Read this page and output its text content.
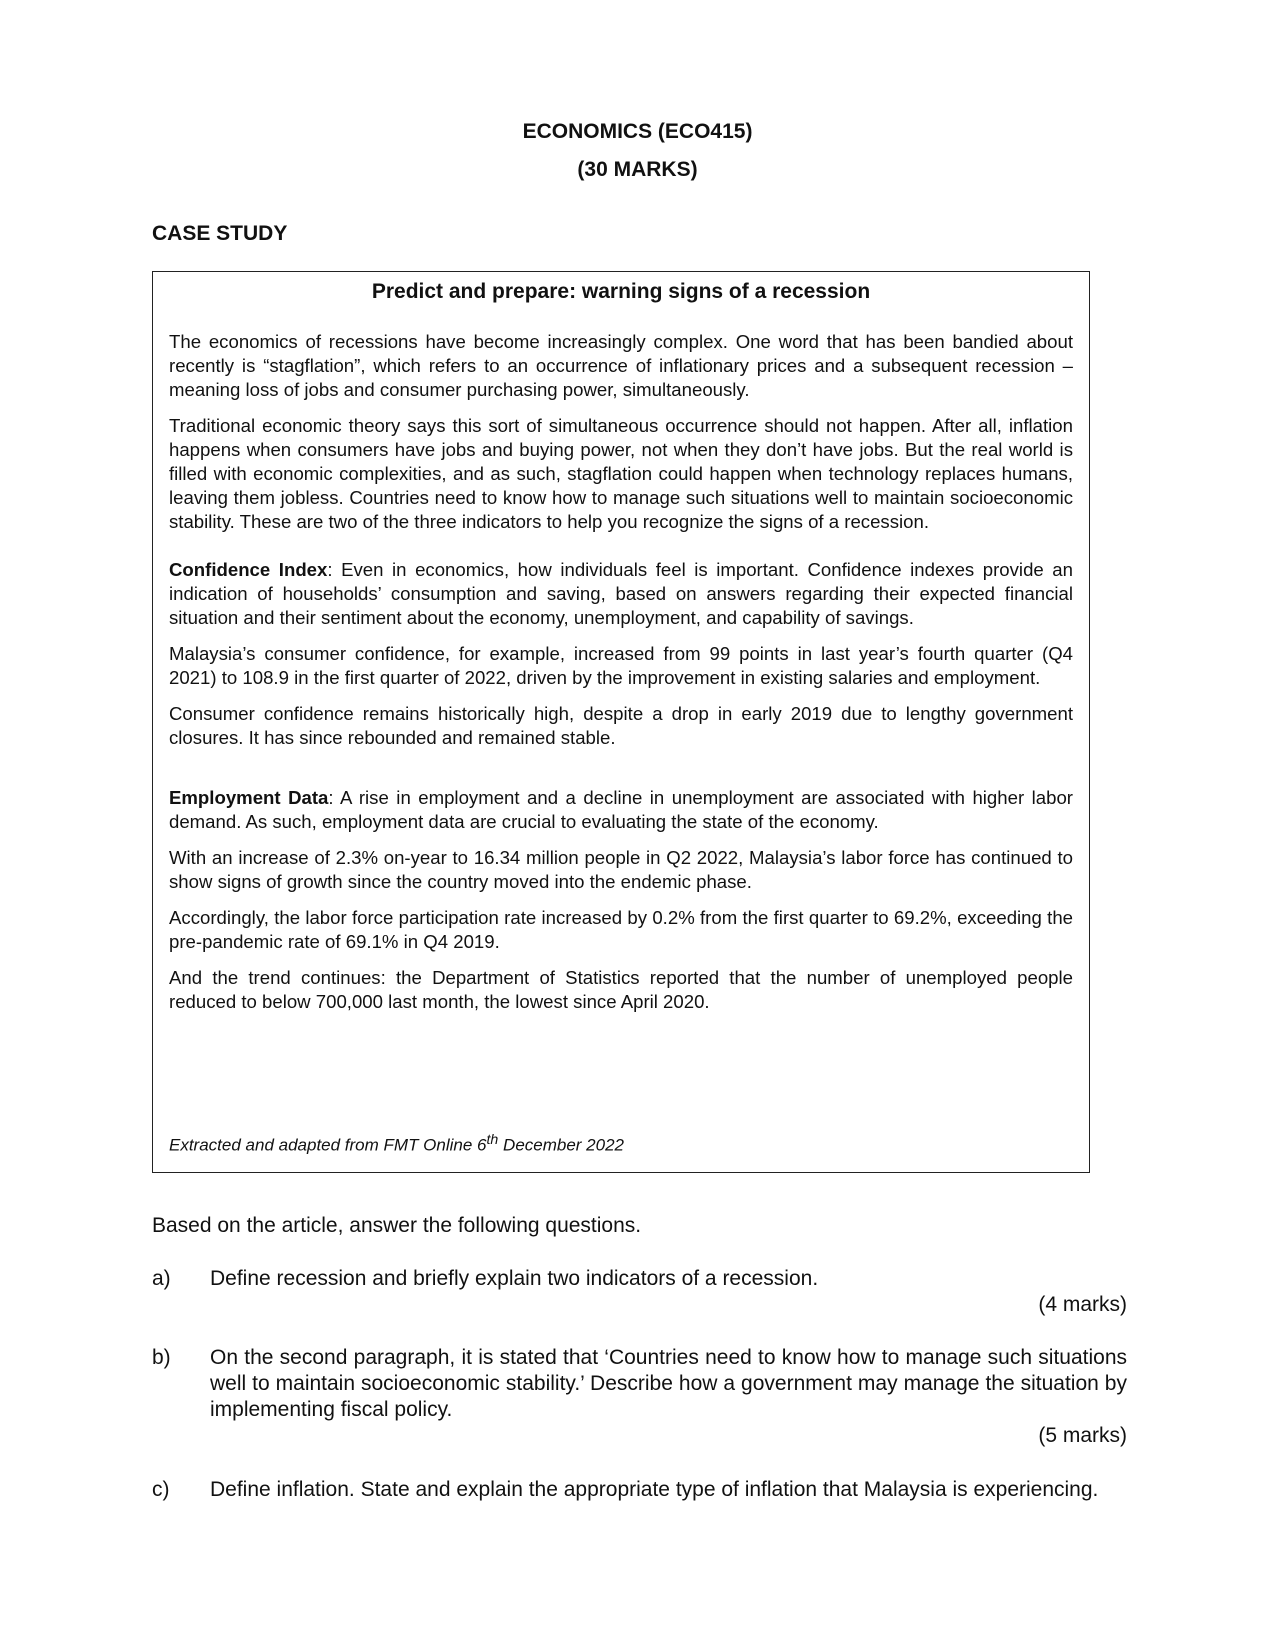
ECONOMICS (ECO415)
(30 MARKS)
CASE STUDY
Predict and prepare: warning signs of a recession

The economics of recessions have become increasingly complex. One word that has been bandied about recently is “stagflation”, which refers to an occurrence of inflationary prices and a subsequent recession – meaning loss of jobs and consumer purchasing power, simultaneously.

Traditional economic theory says this sort of simultaneous occurrence should not happen. After all, inflation happens when consumers have jobs and buying power, not when they don’t have jobs. But the real world is filled with economic complexities, and as such, stagflation could happen when technology replaces humans, leaving them jobless. Countries need to know how to manage such situations well to maintain socioeconomic stability. These are two of the three indicators to help you recognize the signs of a recession.

Confidence Index: Even in economics, how individuals feel is important. Confidence indexes provide an indication of households’ consumption and saving, based on answers regarding their expected financial situation and their sentiment about the economy, unemployment, and capability of savings.

Malaysia’s consumer confidence, for example, increased from 99 points in last year’s fourth quarter (Q4 2021) to 108.9 in the first quarter of 2022, driven by the improvement in existing salaries and employment.

Consumer confidence remains historically high, despite a drop in early 2019 due to lengthy government closures. It has since rebounded and remained stable.

Employment Data: A rise in employment and a decline in unemployment are associated with higher labor demand. As such, employment data are crucial to evaluating the state of the economy.

With an increase of 2.3% on-year to 16.34 million people in Q2 2022, Malaysia’s labor force has continued to show signs of growth since the country moved into the endemic phase.

Accordingly, the labor force participation rate increased by 0.2% from the first quarter to 69.2%, exceeding the pre-pandemic rate of 69.1% in Q4 2019.

And the trend continues: the Department of Statistics reported that the number of unemployed people reduced to below 700,000 last month, the lowest since April 2020.

Extracted and adapted from FMT Online 6th December 2022
Based on the article, answer the following questions.
a) Define recession and briefly explain two indicators of a recession.
(4 marks)
b) On the second paragraph, it is stated that ‘Countries need to know how to manage such situations well to maintain socioeconomic stability.’ Describe how a government may manage the situation by implementing fiscal policy.
(5 marks)
c) Define inflation. State and explain the appropriate type of inflation that Malaysia is experiencing.
